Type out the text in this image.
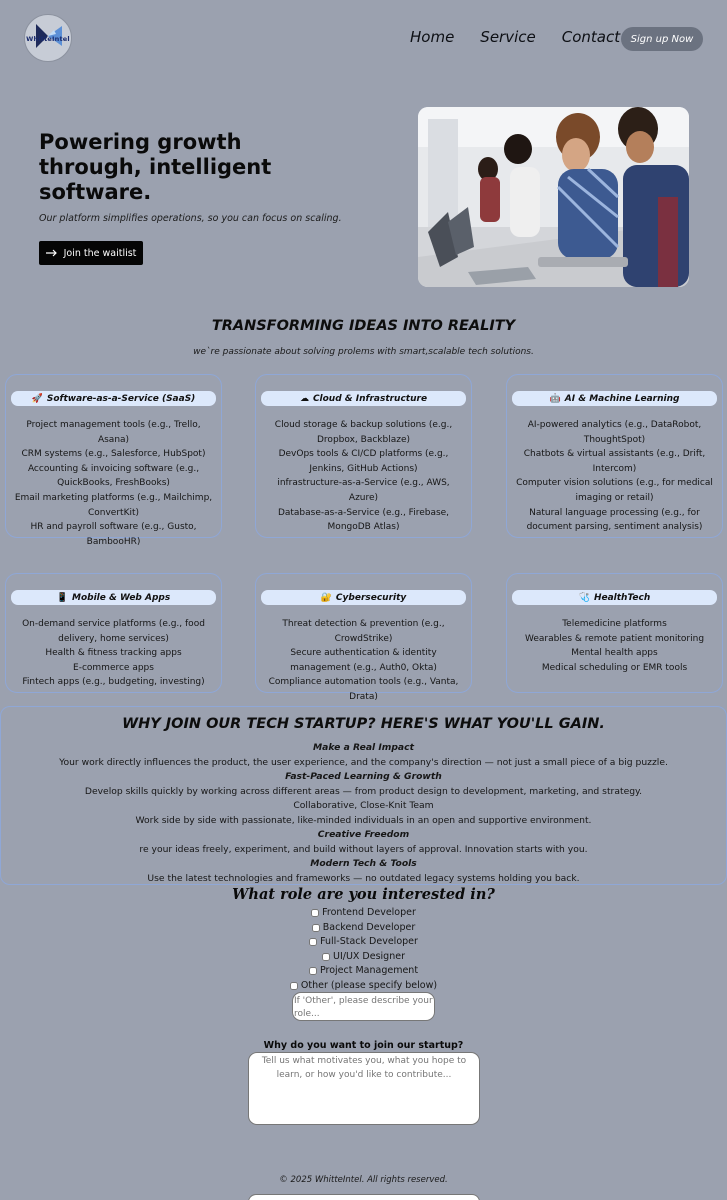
WhitteIntel	Home Service Contact	Sign up Now
Powering growth through, intelligent software.

Our platform simplifies operations, so you can focus on scaling.

Join the waitlist
TRANSFORMING IDEAS INTO REALITY

we`re passionate about solving prolems with smart,scalable tech solutions.

🚀 Software-as-a-Service (SaaS)
Project management tools (e.g., Trello, Asana)
CRM systems (e.g., Salesforce, HubSpot)
Accounting & invoicing software (e.g., QuickBooks, FreshBooks)
Email marketing platforms (e.g., Mailchimp, ConvertKit)
HR and payroll software (e.g., Gusto, BambooHR)
☁ Cloud & Infrastructure
Cloud storage & backup solutions (e.g., Dropbox, Backblaze)
DevOps tools & CI/CD platforms (e.g., Jenkins, GitHub Actions)
infrastructure-as-a-Service (e.g., AWS, Azure)
Database-as-a-Service (e.g., Firebase, MongoDB Atlas)
🤖 AI & Machine Learning
AI-powered analytics (e.g., DataRobot, ThoughtSpot)
Chatbots & virtual assistants (e.g., Drift, Intercom)
Computer vision solutions (e.g., for medical imaging or retail)
Natural language processing (e.g., for document parsing, sentiment analysis)
📱 Mobile & Web Apps
On-demand service platforms (e.g., food delivery, home services)
Health & fitness tracking apps
E-commerce apps
Fintech apps (e.g., budgeting, investing)
🔐 Cybersecurity
Threat detection & prevention (e.g., CrowdStrike)
Secure authentication & identity management (e.g., Auth0, Okta)
Compliance automation tools (e.g., Vanta, Drata)
🩺 HealthTech
Telemedicine platforms
Wearables & remote patient monitoring
Mental health apps
Medical scheduling or EMR tools
WHY JOIN OUR TECH STARTUP? HERE'S WHAT YOU'LL GAIN.
Make a Real Impact
Your work directly influences the product, the user experience, and the company's direction — not just a small piece of a big puzzle.
Fast-Paced Learning & Growth
Develop skills quickly by working across different areas — from product design to development, marketing, and strategy.
Collaborative, Close-Knit Team
Work side by side with passionate, like-minded individuals in an open and supportive environment.
Creative Freedom
re your ideas freely, experiment, and build without layers of approval. Innovation starts with you.
Modern Tech & Tools
Use the latest technologies and frameworks — no outdated legacy systems holding you back.
What role are you interested in?
Frontend Developer
Backend Developer
Full-Stack Developer
UI/UX Designer
Project Management
Other (please specify below)
If 'Other', please describe your role...
Why do you want to join our startup?
Tell us what motivates you, what you hope to learn, or how you'd like to contribute...

© 2025 WhitteIntel. All rights reserved.
